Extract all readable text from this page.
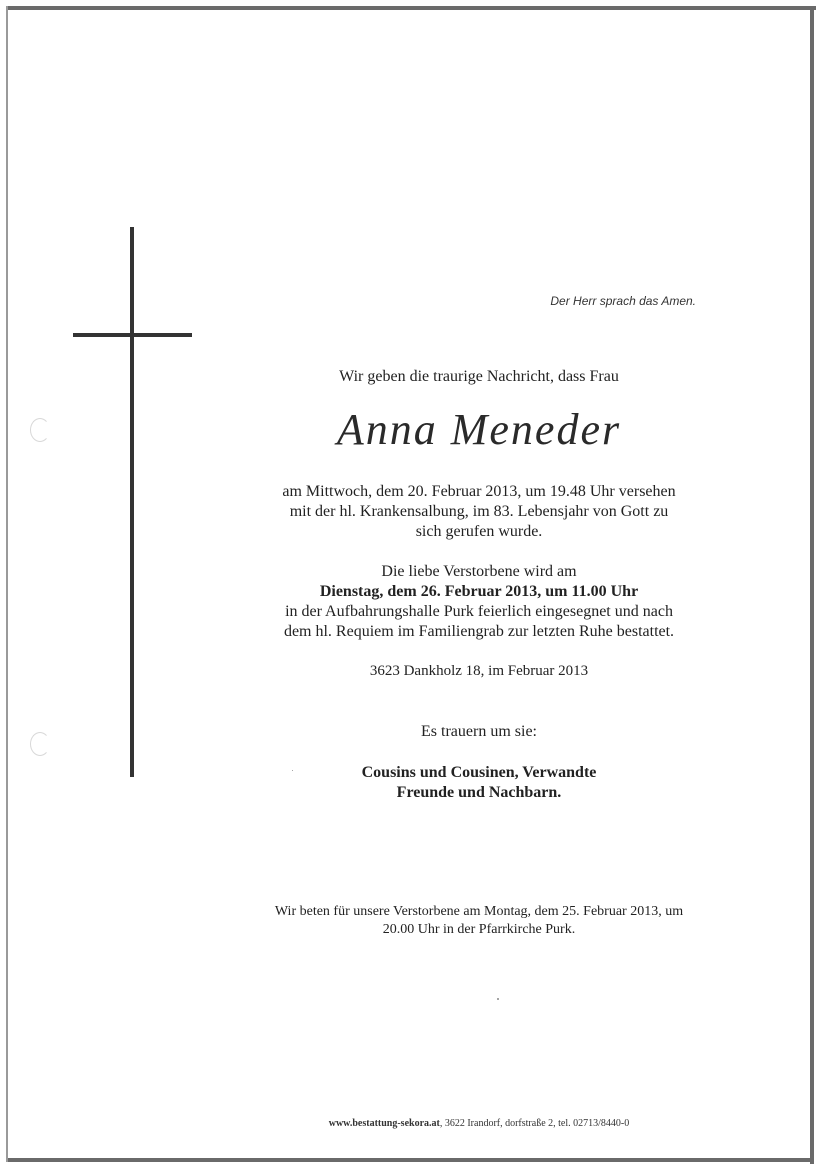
Der Herr sprach das Amen.
Wir geben die traurige Nachricht, dass Frau
Anna Meneder
am Mittwoch, dem 20. Februar 2013, um 19.48 Uhr versehen
mit der hl. Krankensalbung, im 83. Lebensjahr von Gott zu
sich gerufen wurde.
Die liebe Verstorbene wird am
Dienstag, dem 26. Februar 2013, um 11.00 Uhr
in der Aufbahrungshalle Purk feierlich eingesegnet und nach
dem hl. Requiem im Familiengrab zur letzten Ruhe bestattet.
3623 Dankholz 18, im Februar 2013
Es trauern um sie:
Cousins und Cousinen, Verwandte
Freunde und Nachbarn.
Wir beten für unsere Verstorbene am Montag, dem 25. Februar 2013, um
20.00 Uhr in der Pfarrkirche Purk.
www.bestattung-sekora.at, 3622 Irandorf, dorfstraße 2, tel. 02713/8440-0
